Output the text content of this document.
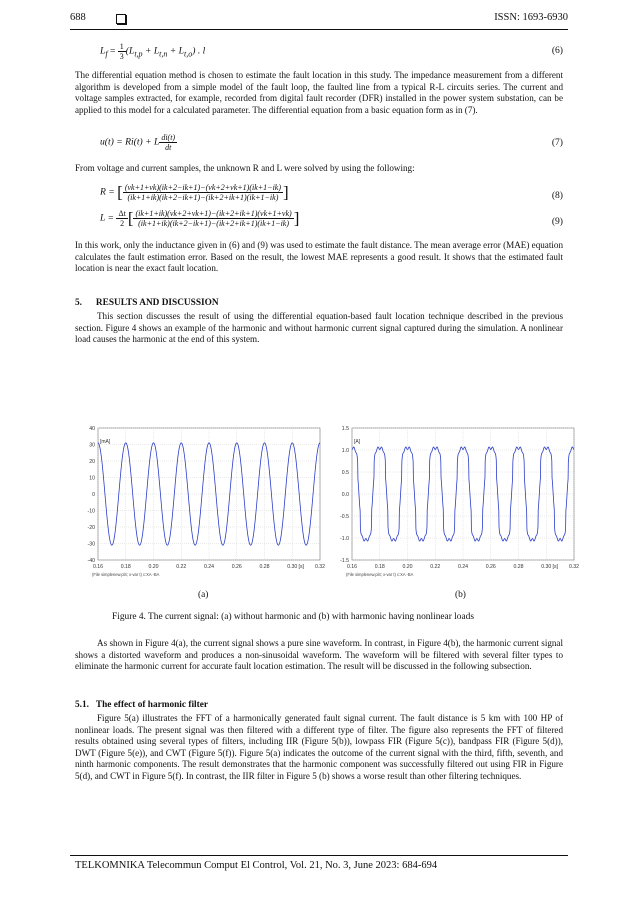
688	ISSN: 1693-6930
$L_f = \frac{1}{3} (L_{t,p} + L_{t,n} + L_{t,o})$ . l	(6)

The differential equation method is chosen to estimate the fault location in this study. The impedance measurement from a different algorithm is developed from a simple model of the fault loop, the faulted line from a typical R-L circuits series. The current and voltage samples extracted, for example, recorded from digital fault recorder (DFR) installed in the power system substation, can be applied to this model for a calculated parameter. The differential equation from a basic equation form as in (7).

u(t) = Ri(t) + L $\frac{di(t)}{dt}$	(7)

From voltage and current samples, the unknown R and L were solved by using the following:

R = [ $\frac{(vk+1+vk)(ik+2-ik+1)-(vk+2+vk+1)(ik+1-ik)}{(ik+1+ik)(ik+2-ik+1)-(ik+2+ik+1)(ik+1-ik)}$ ]	(8)
$L = \frac{\Delta t}{2}$ [ $\frac{(ik+1+ik)(vk+2+vk+1)-(ik+2+ik+1)(vk+1+vk)}{(ik+1+ik)(ik+2-ik+1)-(ik+2+ik+1)(ik+1-ik)}$ ]	(9)

In this work, only the inductance given in (6) and (9) was used to estimate the fault distance. The mean average error (MAE) equation calculates the fault estimation error. Based on the result, the lowest MAE represents a good result. It shows that the estimated fault location is near the exact fault location.

5.      RESULTS AND DISCUSSION

This section discusses the result of using the differential equation-based fault location technique described in the previous section. Figure 4 shows an example of the harmonic and without harmonic current signal captured during the simulation. A nonlinear load causes the harmonic at the end of this system.

0.16	0.18	0.20	0.22	0.24	0.26	0.28	0.30	0.32
40
30
20
10
0
-10
-20
-30
-40
[mA]
[s]
(File simplenew.pl4; x-var t) c:XA -BA
0.16	0.18	0.20	0.22	0.24	0.26	0.28	0.30	0.32
1.5
1.0
0.5
0.0
-0.5
-1.0
-1.5
[A]
[s]
(File simplenew.pl4; x-var t) c:XA -BA
(a)	(b)
Figure 4. The current signal: (a) without harmonic and (b) with harmonic having nonlinear loads

As shown in Figure 4(a), the current signal shows a pure sine waveform. In contrast, in Figure 4(b), the harmonic current signal shows a distorted waveform and produces a non-sinusoidal waveform. The waveform will be filtered with several filter types to eliminate the harmonic current for accurate fault location estimation. The result will be discussed in the following subsection.

5.1.   The effect of harmonic filter

Figure 5(a) illustrates the FFT of a harmonically generated fault signal current. The fault distance is 5 km with 100 HP of nonlinear loads. The present signal was then filtered with a different type of filter. The figure also represents the FFT of filtered results obtained using several types of filters, including IIR (Figure 5(b)), lowpass FIR (Figure 5(c)), bandpass FIR (Figure 5(d)), DWT (Figure 5(e)), and CWT (Figure 5(f)). Figure 5(a) indicates the outcome of the current signal with the third, fifth, seventh, and ninth harmonic components. The result demonstrates that the harmonic component was successfully filtered out using FIR in Figure 5(d), and CWT in Figure 5(f). In contrast, the IIR filter in Figure 5 (b) shows a worse result than other filtering techniques.

TELKOMNIKA Telecommun Comput El Control, Vol. 21, No. 3, June 2023: 684-694
